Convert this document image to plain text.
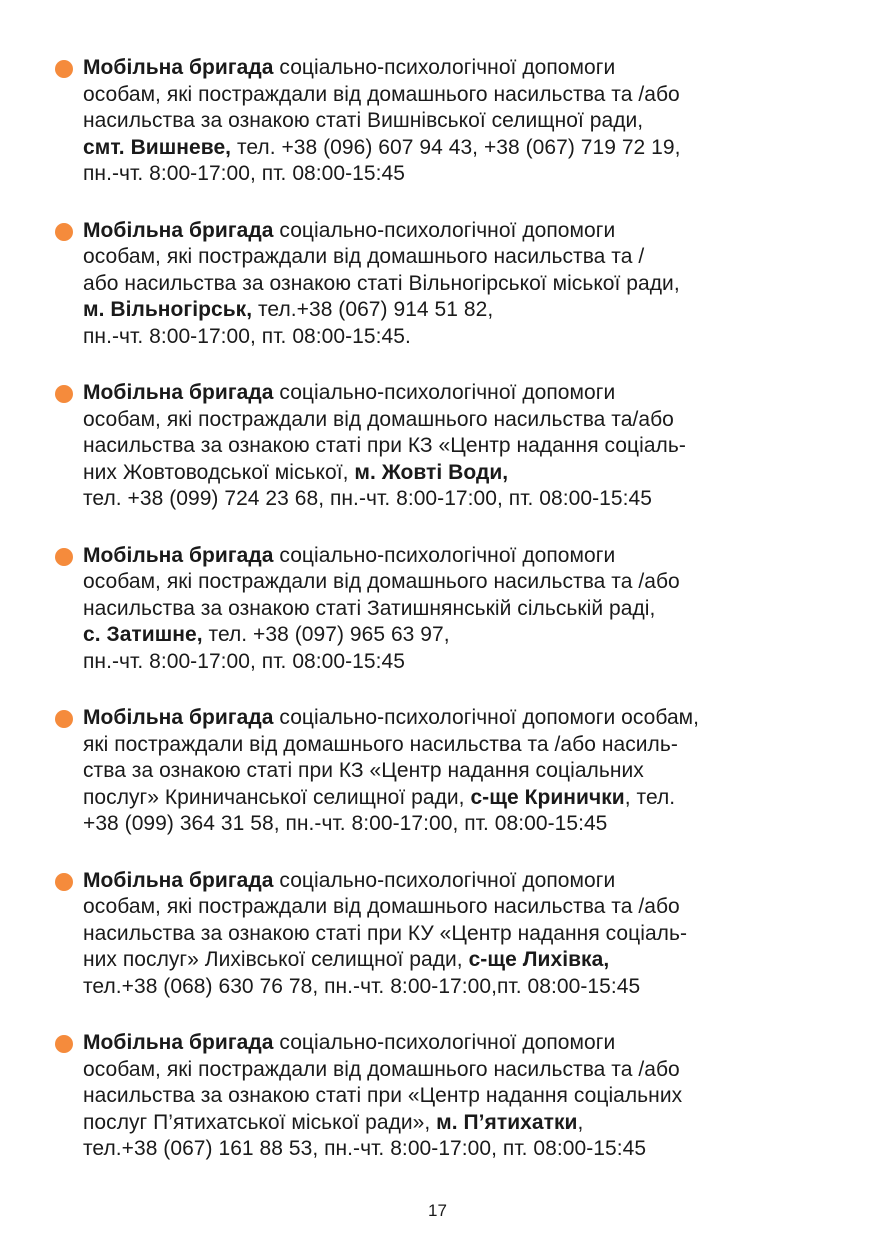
Мобільна бригада соціально-психологічної допомоги
особам, які постраждали від домашнього насильства та /або
насильства за ознакою статі Вишнівської селищної ради,
смт. Вишневе, тел. +38 (096) 607 94 43, +38 (067) 719 72 19,
пн.-чт. 8:00-17:00, пт. 08:00-15:45
Мобільна бригада соціально-психологічної допомоги
особам, які постраждали від домашнього насильства та /
або насильства за ознакою статі Вільногірської міської ради,
м. Вільногірськ, тел.+38 (067) 914 51 82,
пн.-чт. 8:00-17:00, пт. 08:00-15:45.
Мобільна бригада соціально-психологічної допомоги
особам, які постраждали від домашнього насильства та/або
насильства за ознакою статі при КЗ «Центр надання соціаль-
них Жовтоводської міської, м. Жовті Води,
тел. +38 (099) 724 23 68, пн.-чт. 8:00-17:00, пт. 08:00-15:45
Мобільна бригада соціально-психологічної допомоги
особам, які постраждали від домашнього насильства та /або
насильства за ознакою статі Затишнянській сільській раді,
с. Затишне, тел. +38 (097) 965 63 97,
пн.-чт. 8:00-17:00, пт. 08:00-15:45
Мобільна бригада соціально-психологічної допомоги особам,
які постраждали від домашнього насильства та /або насиль-
ства за ознакою статі при КЗ «Центр надання соціальних
послуг» Криничанської селищної ради, с-ще Кринички, тел.
+38 (099) 364 31 58, пн.-чт. 8:00-17:00, пт. 08:00-15:45
Мобільна бригада соціально-психологічної допомоги
особам, які постраждали від домашнього насильства та /або
насильства за ознакою статі при КУ «Центр надання соціаль-
них послуг» Лихівської селищної ради, с-ще Лихівка,
тел.+38 (068) 630 76 78, пн.-чт. 8:00-17:00,пт. 08:00-15:45
Мобільна бригада соціально-психологічної допомоги
особам, які постраждали від домашнього насильства та /або
насильства за ознакою статі при «Центр надання соціальних
послуг П’ятихатської міської ради», м. П’ятихатки,
тел.+38 (067) 161 88 53, пн.-чт. 8:00-17:00, пт. 08:00-15:45
17
